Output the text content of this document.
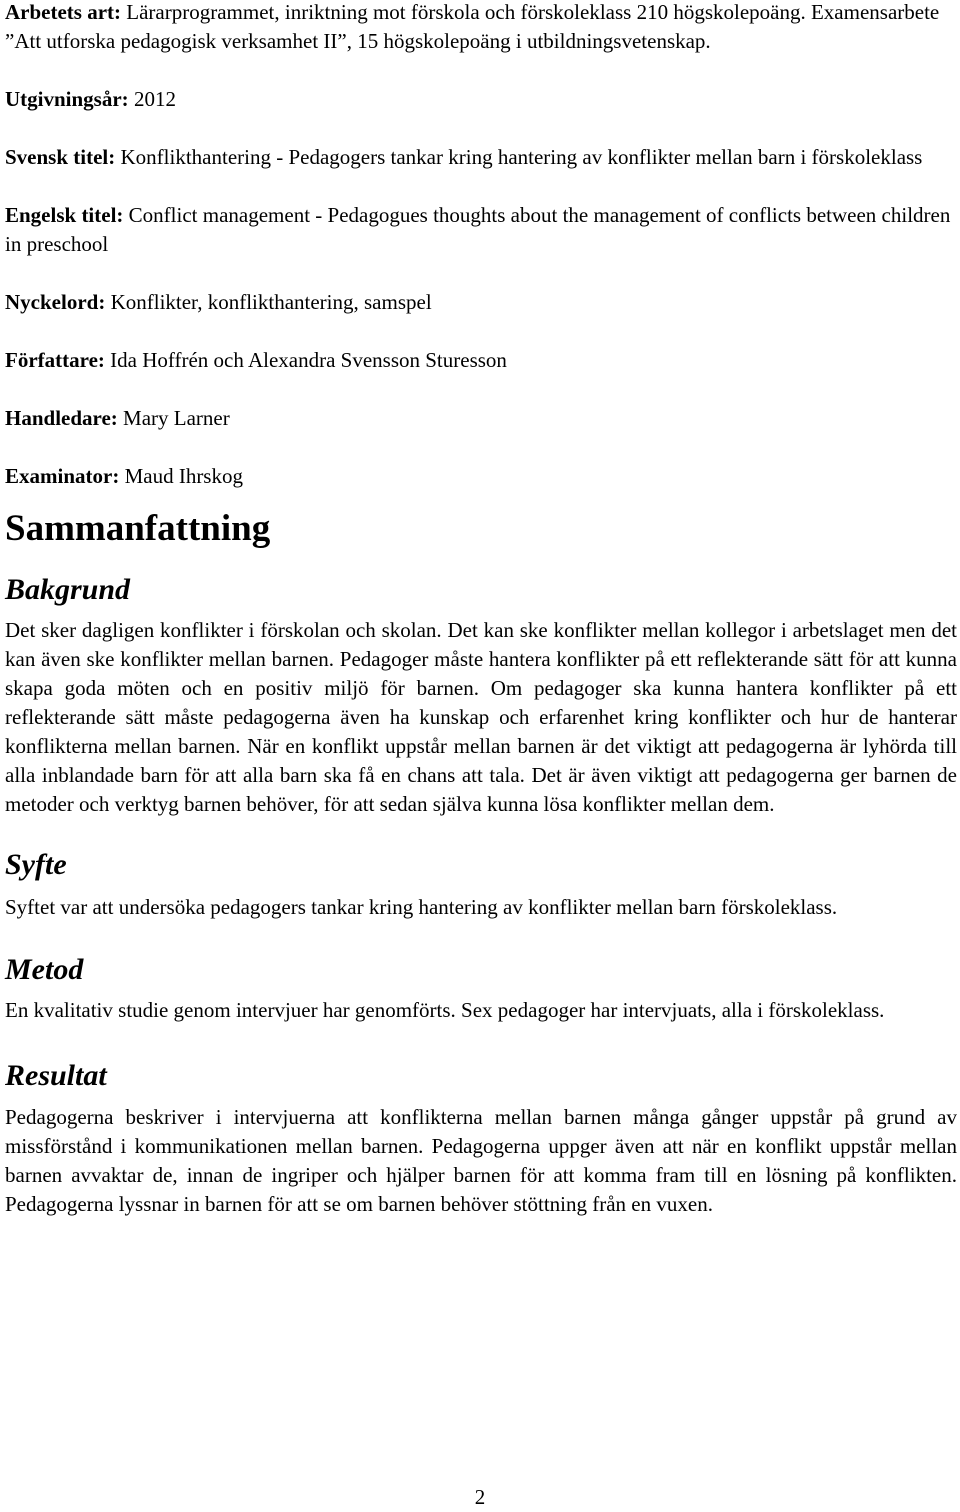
Arbetets art: Lärarprogrammet, inriktning mot förskola och förskoleklass 210 högskolepoäng. Examensarbete ”Att utforska pedagogisk verksamhet II”, 15 högskolepoäng i utbildningsvetenskap.

Utgivningsår: 2012

Svensk titel: Konflikthantering - Pedagogers tankar kring hantering av konflikter mellan barn i förskoleklass

Engelsk titel: Conflict management - Pedagogues thoughts about the management of conflicts between children in preschool

Nyckelord: Konflikter, konflikthantering, samspel

Författare: Ida Hoffrén och Alexandra Svensson Sturesson

Handledare: Mary Larner

Examinator: Maud Ihrskog

Sammanfattning
Bakgrund

Det sker dagligen konflikter i förskolan och skolan. Det kan ske konflikter mellan kollegor i arbetslaget men det kan även ske konflikter mellan barnen. Pedagoger måste hantera konflikter på ett reflekterande sätt för att kunna skapa goda möten och en positiv miljö för barnen. Om pedagoger ska kunna hantera konflikter på ett reflekterande sätt måste pedagogerna även ha kunskap och erfarenhet kring konflikter och hur de hanterar konflikterna mellan barnen. När en konflikt uppstår mellan barnen är det viktigt att pedagogerna är lyhörda till alla inblandade barn för att alla barn ska få en chans att tala. Det är även viktigt att pedagogerna ger barnen de metoder och verktyg barnen behöver, för att sedan själva kunna lösa konflikter mellan dem.

Syfte

Syftet var att undersöka pedagogers tankar kring hantering av konflikter mellan barn förskoleklass.

Metod

En kvalitativ studie genom intervjuer har genomförts. Sex pedagoger har intervjuats, alla i förskoleklass.

Resultat

Pedagogerna beskriver i intervjuerna att konflikterna mellan barnen många gånger uppstår på grund av missförstånd i kommunikationen mellan barnen. Pedagogerna uppger även att när en konflikt uppstår mellan barnen avvaktar de, innan de ingriper och hjälper barnen för att komma fram till en lösning på konflikten. Pedagogerna lyssnar in barnen för att se om barnen behöver stöttning från en vuxen.

2
